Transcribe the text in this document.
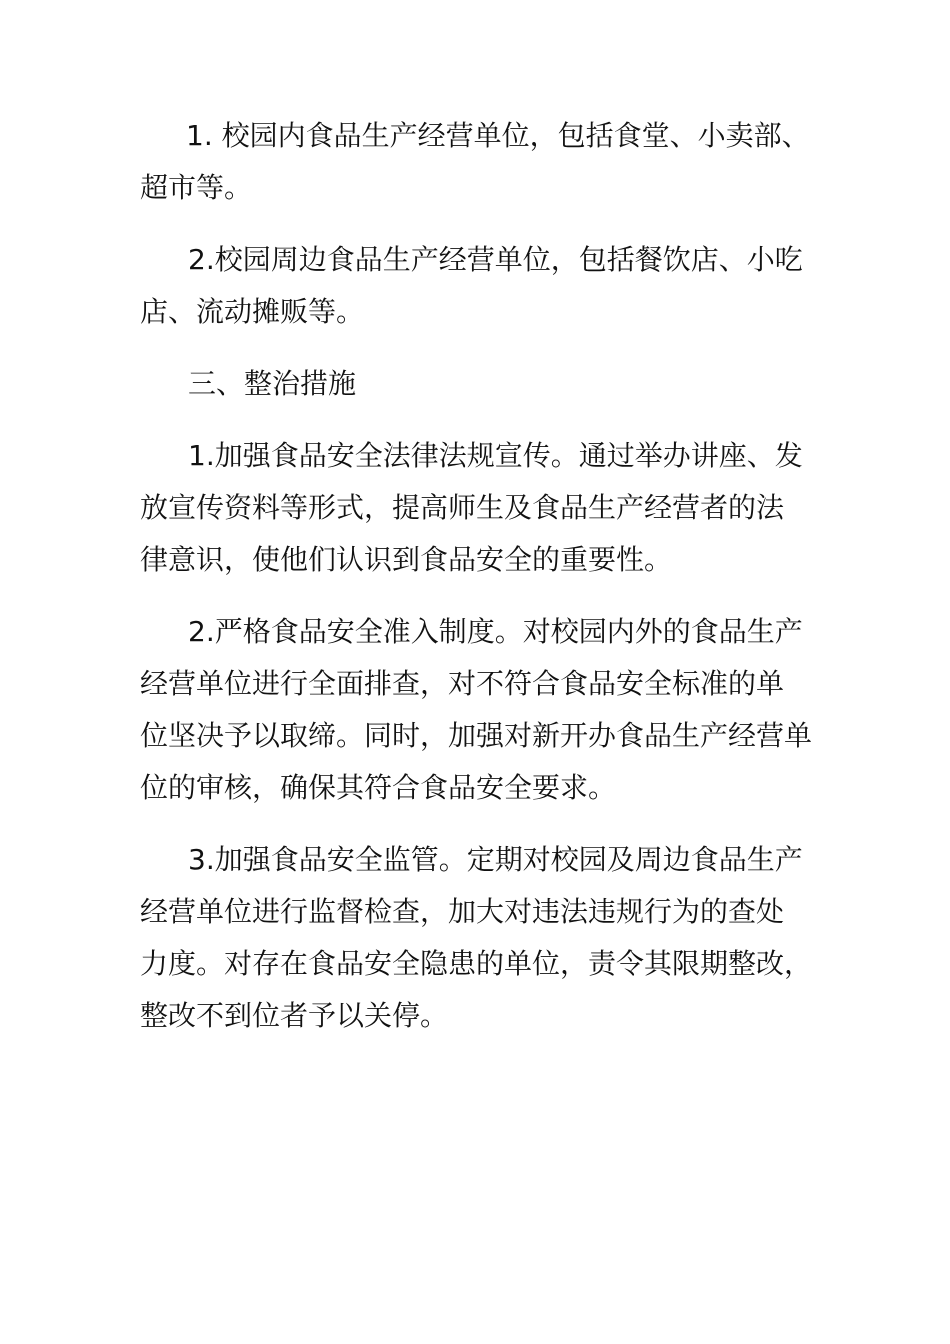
1. 校园内食品生产经营单位，包括食堂、小卖部、超市等。

2.校园周边食品生产经营单位，包括餐饮店、小吃店、流动摊贩等。

三、整治措施

1.加强食品安全法律法规宣传。通过举办讲座、发放宣传资料等形式，提高师生及食品生产经营者的法 律意识，使他们认识到食品安全的重要性。

2.严格食品安全准入制度。对校园内外的食品生产经营单位进行全面排查，对不符合食品安全标准的单 位坚决予以取缔。同时，加强对新开办食品生产经营单 位的审核，确保其符合食品安全要求。

3.加强食品安全监管。定期对校园及周边食品生产经营单位进行监督检查，加大对违法违规行为的查处 力度。对存在食品安全隐患的单位，责令其限期整改， 整改不到位者予以关停。
